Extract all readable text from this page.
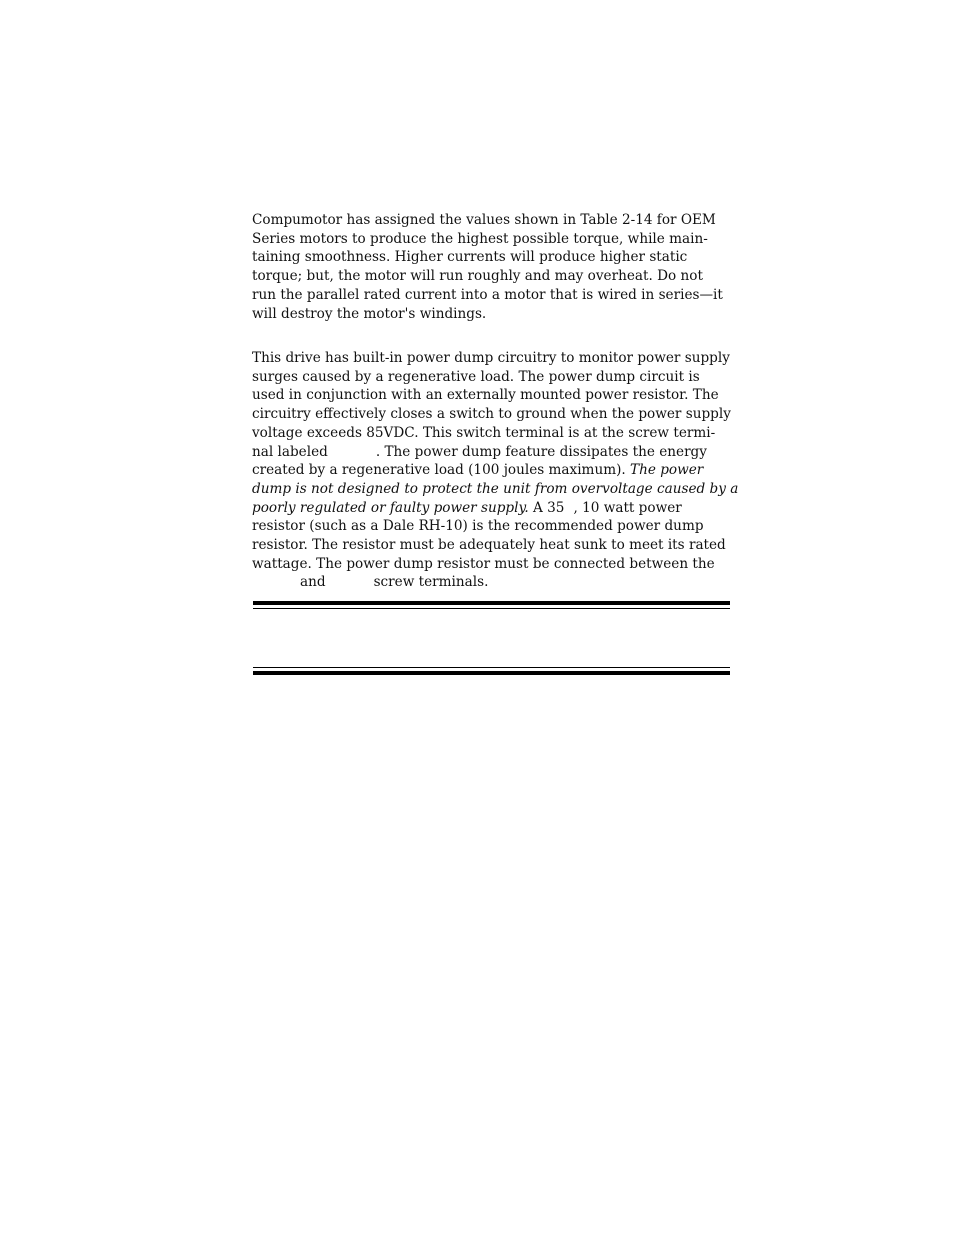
Compumotor has assigned the values shown in Table 2-14 for OEM
Series motors to produce the highest possible torque, while main-
taining smoothness. Higher currents will produce higher static
torque; but, the motor will run roughly and may overheat. Do not
run the parallel rated current into a motor that is wired in series—it
will destroy the motor's windings.
This drive has built-in power dump circuitry to monitor power supply
surges caused by a regenerative load. The power dump circuit is
used in conjunction with an externally mounted power resistor. The
circuitry effectively closes a switch to ground when the power supply
voltage exceeds 85VDC. This switch terminal is at the screw termi-
nal labeled	. The power dump feature dissipates the energy
created by a regenerative load (100 joules maximum). The power
dump is not designed to protect the unit from overvoltage caused by a
poorly regulated or faulty power supply. A 35 , 10 watt power
resistor (such as a Dale RH-10) is the recommended power dump
resistor. The resistor must be adequately heat sunk to meet its rated
wattage. The power dump resistor must be connected between the
and	screw terminals.
